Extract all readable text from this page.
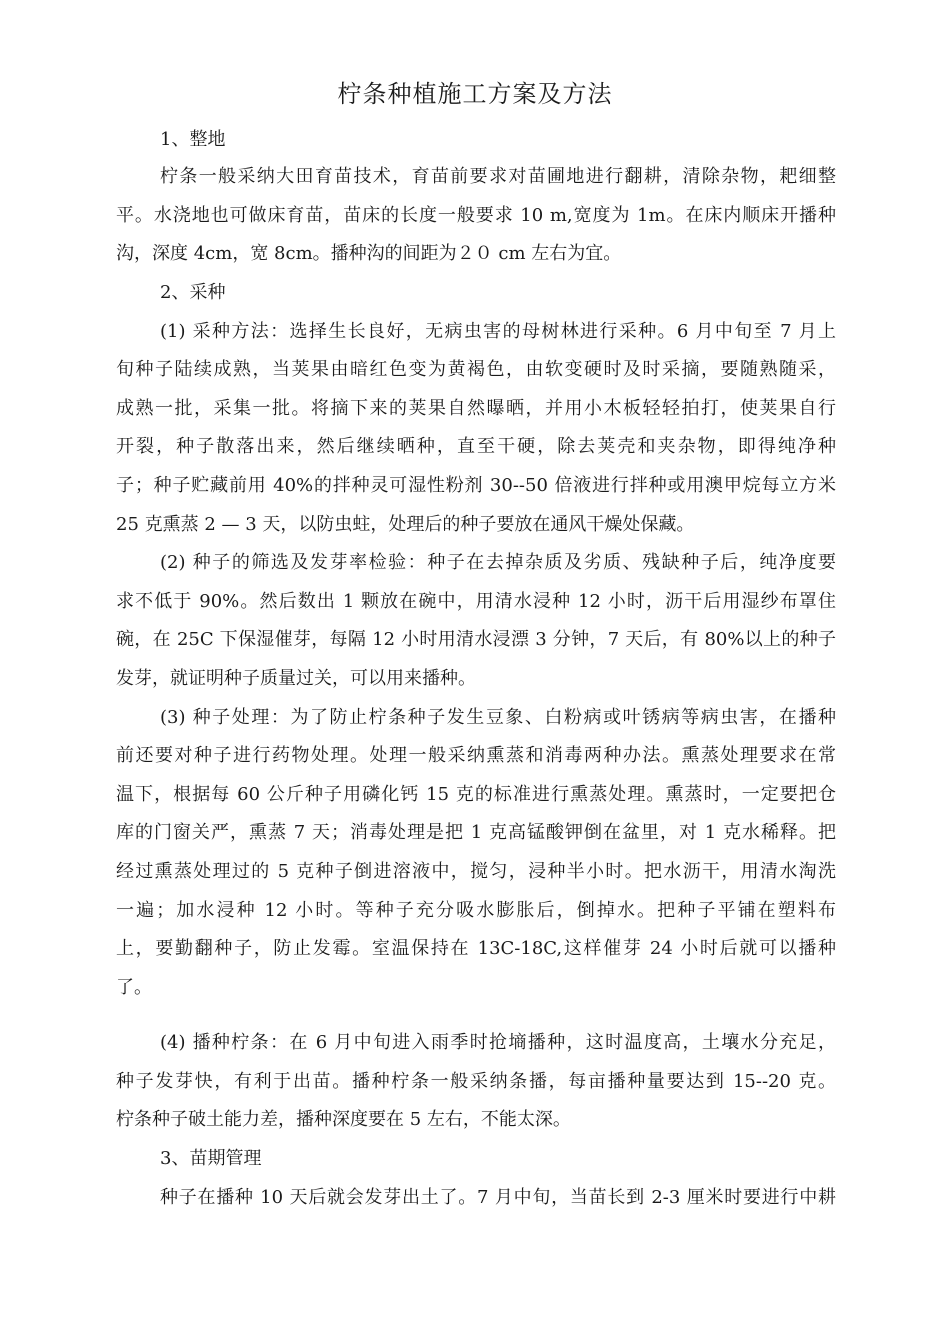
柠条种植施工方案及方法
1、整地
柠条一般采纳大田育苗技术，育苗前要求对苗圃地进行翻耕，清除杂物，耙细整
平。水浇地也可做床育苗，苗床的长度一般要求 10 m,宽度为 1m。在床内顺床开播种
沟，深度 4cm，宽 8cm。播种沟的间距为２０ cm 左右为宜。
2、采种
(1) 采种方法：选择生长良好，无病虫害的母树林进行采种。6 月中旬至 7 月上
旬种子陆续成熟，当荚果由暗红色变为黄褐色，由软变硬时及时采摘，要随熟随采，
成熟一批，采集一批。将摘下来的荚果自然曝晒，并用小木板轻轻拍打，使荚果自行
开裂，种子散落出来，然后继续晒种，直至干硬，除去荚壳和夹杂物，即得纯净种
子；种子贮藏前用 40%的拌种灵可湿性粉剂 30--50 倍液进行拌种或用澳甲烷每立方米
25 克熏蒸 2 — 3 天，以防虫蛀，处理后的种子要放在通风干燥处保藏。
(2) 种子的筛选及发芽率检验：种子在去掉杂质及劣质、残缺种子后，纯净度要
求不低于 90%。然后数出 1 颗放在碗中，用清水浸种 12 小时，沥干后用湿纱布罩住
碗，在 25C 下保湿催芽，每隔 12 小时用清水浸漂 3 分钟，7 天后，有 80%以上的种子
发芽，就证明种子质量过关，可以用来播种。
(3) 种子处理：为了防止柠条种子发生豆象、白粉病或叶锈病等病虫害，在播种
前还要对种子进行药物处理。处理一般采纳熏蒸和消毒两种办法。熏蒸处理要求在常
温下，根据每 60 公斤种子用磷化钙 15 克的标准进行熏蒸处理。熏蒸时，一定要把仓
库的门窗关严，熏蒸 7 天；消毒处理是把 1 克高锰酸钾倒在盆里，对 1 克水稀释。把
经过熏蒸处理过的 5 克种子倒进溶液中，搅匀，浸种半小时。把水沥干，用清水淘洗
一遍；加水浸种 12 小时。等种子充分吸水膨胀后，倒掉水。把种子平铺在塑料布
上，要勤翻种子，防止发霉。室温保持在 13C-18C,这样催芽 24 小时后就可以播种
了。
(4) 播种柠条：在 6 月中旬进入雨季时抢墒播种，这时温度高，土壤水分充足，
种子发芽快，有利于出苗。播种柠条一般采纳条播，每亩播种量要达到 15--20 克。
柠条种子破土能力差，播种深度要在 5 左右，不能太深。
3、苗期管理
种子在播种 10 天后就会发芽出土了。7 月中旬，当苗长到 2-3 厘米时要进行中耕
